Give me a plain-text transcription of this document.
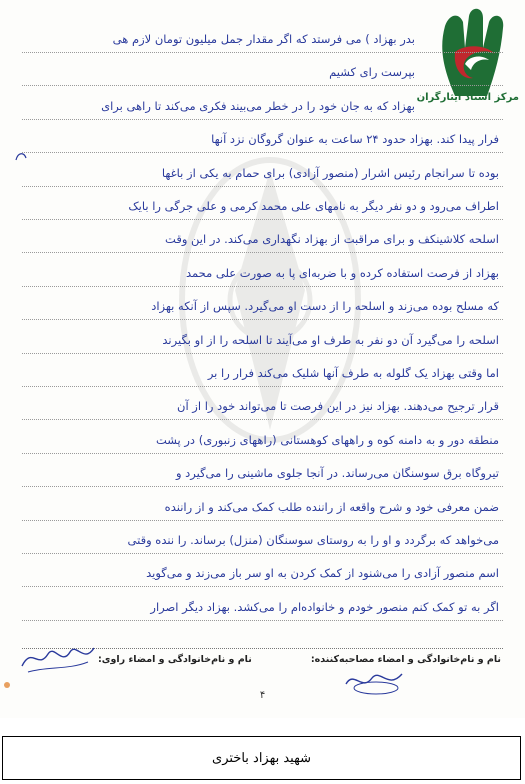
مرکز اسناد ایثارگران
بدر بهزاد ) می فرستد که اگر مقدار جمل میلیون تومان لازم هی
بپرست رای کشیم
بهزاد که به جان خود را در خطر می‌بیند فکری می‌کند تا راهی برای
فرار پیدا کند. بهزاد حدود ۲۴ ساعت به عنوان گروگان نزد آنها
بوده تا سرانجام رئیس اشرار (منصور آزادی) برای حمام به یکی از باغها
اطراف می‌رود و دو نفر دیگر به نامهای علی محمد کرمی و علی جرگی را بایک
اسلحه کلاشینکف و برای مراقبت از بهزاد نگهداری می‌کند. در این وقت
بهزاد از فرصت استفاده کرده و با ضربه‌ای پا به صورت علی محمد
که مسلح بوده می‌زند و اسلحه را از دست او می‌گیرد. سپس از آنکه بهزاد
اسلحه را می‌گیرد آن دو نفر به طرف او می‌آیند تا اسلحه را از او بگیرند
اما وقتی بهزاد یک گلوله به طرف آنها شلیک می‌کند فرار را بر
قرار ترجیح می‌دهند. بهزاد نیز در این فرصت تا می‌تواند خود را از آن
منطقه دور و به دامنه کوه و راههای کوهستانی (راههای زنبوری) در پشت
تیروگاه برق سوسنگان می‌رساند. در آنجا جلوی ماشینی را می‌گیرد و
ضمن معرفی خود و شرح واقعه از راننده طلب کمک می‌کند و از راننده
می‌خواهد که برگردد و او را به روستای سوسنگان (منزل) برساند. را ننده وقتی
اسم منصور آزادی را می‌شنود از کمک کردن به او سر باز می‌زند و می‌گوید
اگر به تو کمک کنم منصور خودم و خانواده‌ام را می‌کشد. بهزاد دیگر اصرار
نام و نام‌خانوادگی و امضاء مصاحبه‌کننده:
نام و نام‌خانوادگی و امضاء راوی:
۴
شهید بهزاد باختری
